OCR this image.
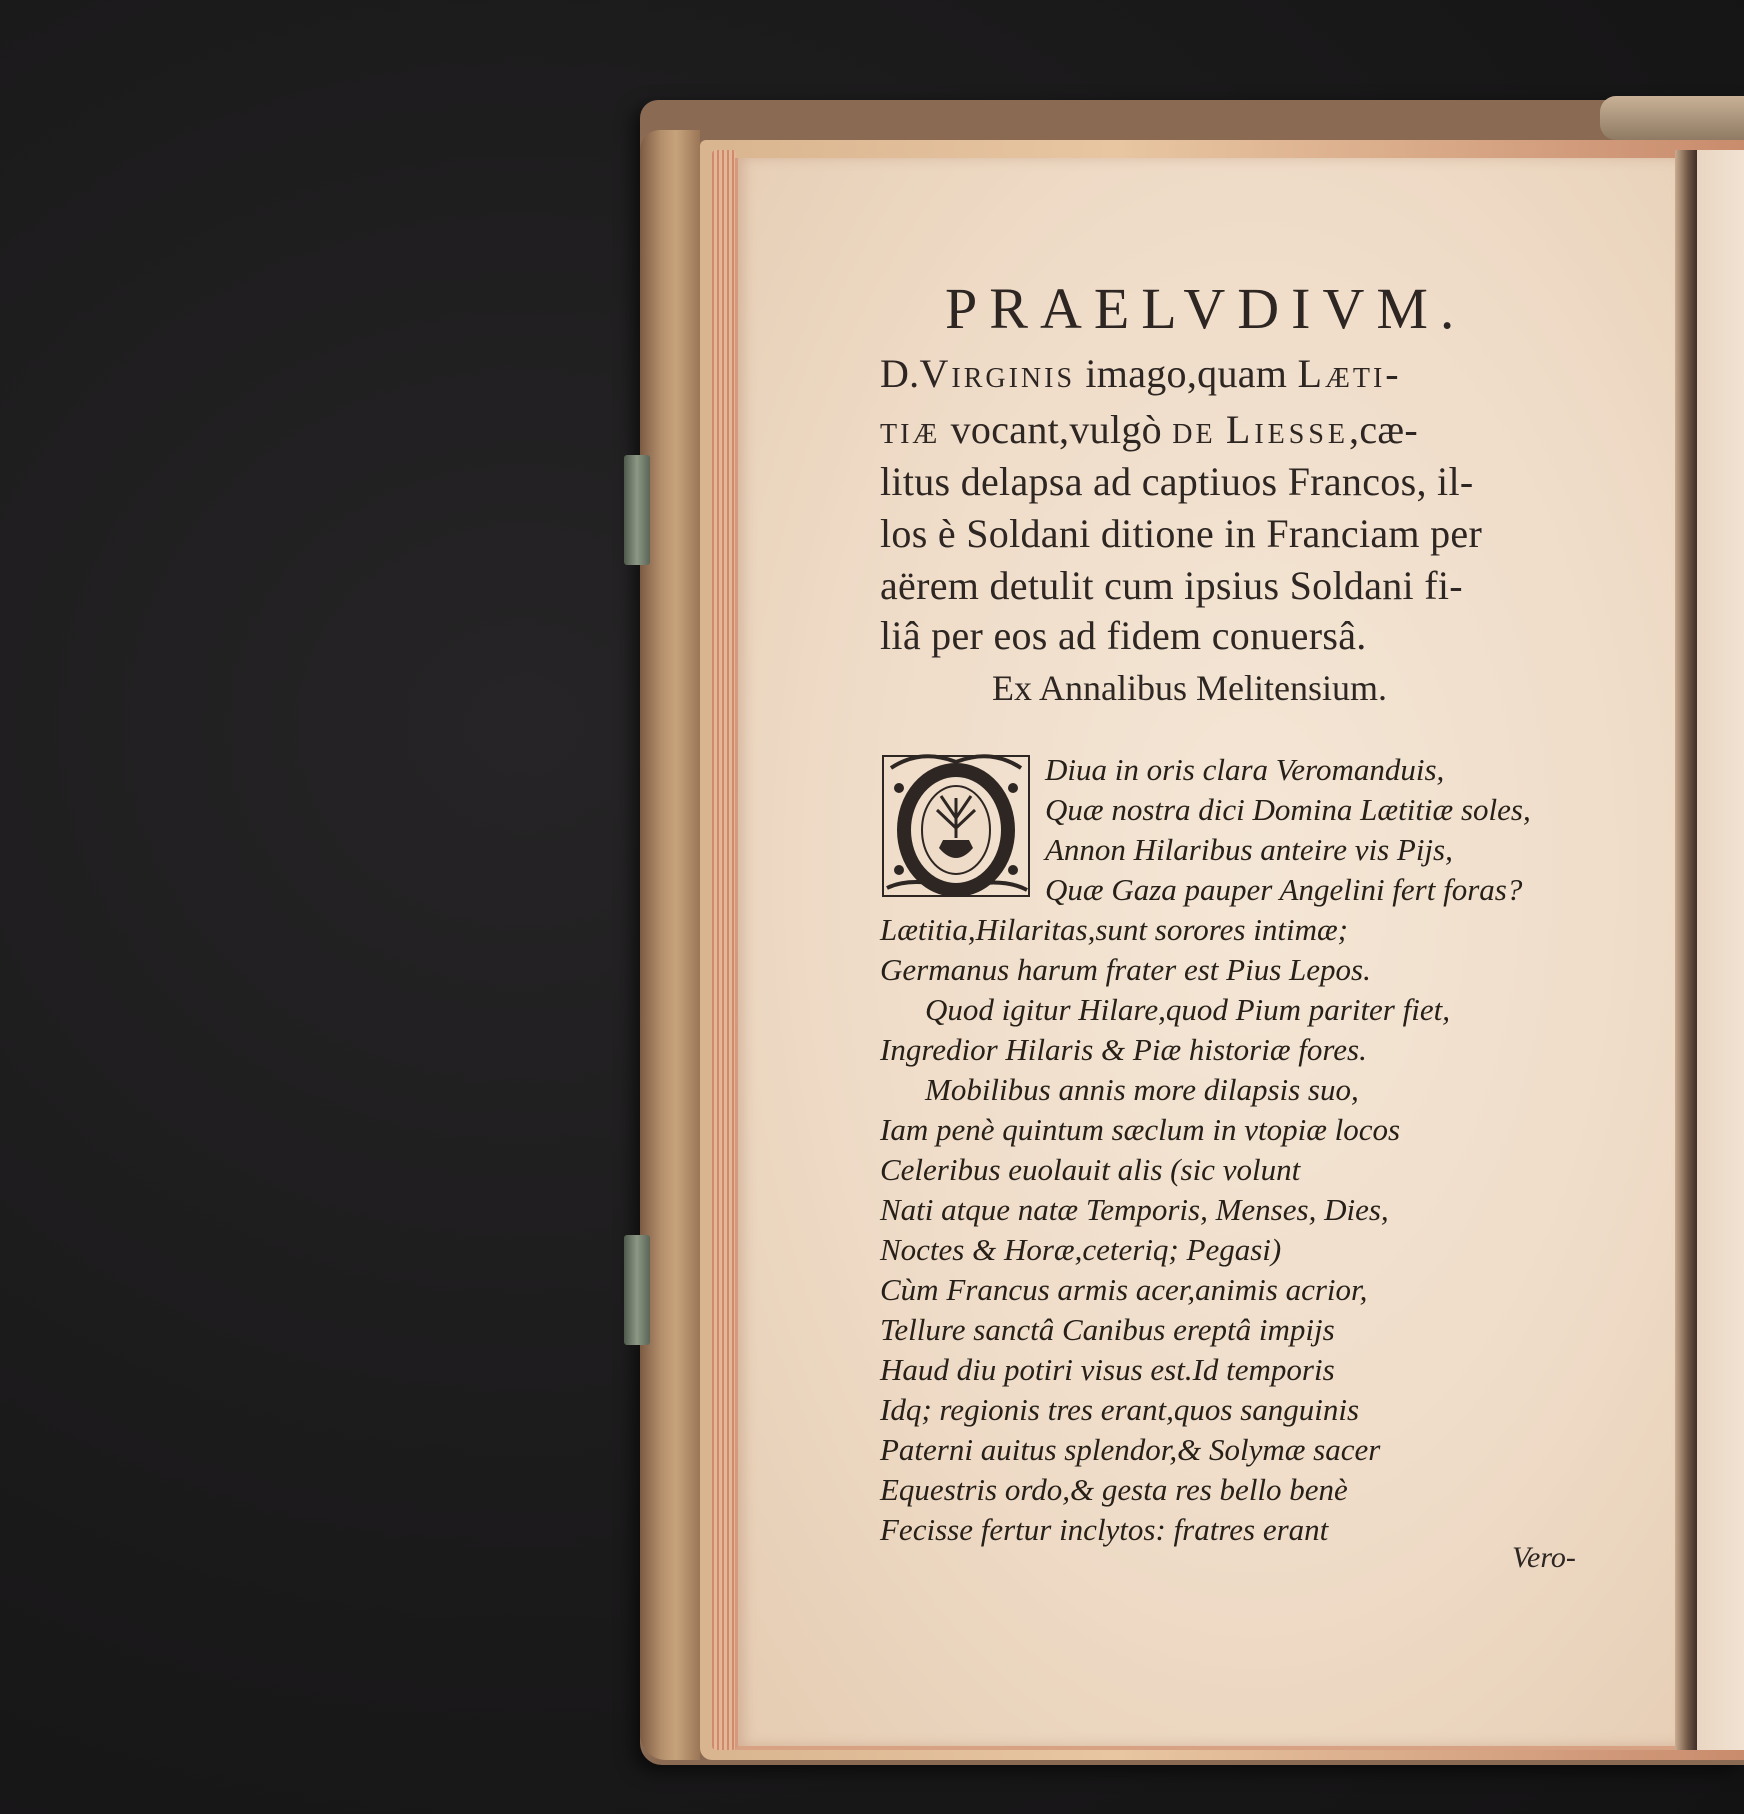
PRAELVDIVM.
D.Virginis imago,quam Læti-
tiæ vocant,vulgò de Liesse,cæ-
litus delapsa ad captiuos Francos, il-
los è Soldani ditione in Franciam per
aërem detulit cum ipsius Soldani fi-
liâ per eos ad fidem conuersâ.
Ex Annalibus Melitensium.
Diua in oris clara Veromanduis,
Quæ nostra dici Domina Lætitiæ soles,
Annon Hilaribus anteire vis Pijs,
Quæ Gaza pauper Angelini fert foras?
Lætitia,Hilaritas,sunt sorores intimæ;
Germanus harum frater est Pius Lepos.
Quod igitur Hilare,quod Pium pariter fiet,
Ingredior Hilaris & Piæ historiæ fores.
Mobilibus annis more dilapsis suo,
Iam penè quintum sæclum in vtopiæ locos
Celeribus euolauit alis (sic volunt
Nati atque natæ Temporis, Menses, Dies,
Noctes & Horæ,ceteriq; Pegasi)
Cùm Francus armis acer,animis acrior,
Tellure sanctâ Canibus ereptâ impijs
Haud diu potiri visus est.Id temporis
Idq; regionis tres erant,quos sanguinis
Paterni auitus splendor,& Solymæ sacer
Equestris ordo,& gesta res bello benè
Fecisse fertur inclytos: fratres erant
Vero-
